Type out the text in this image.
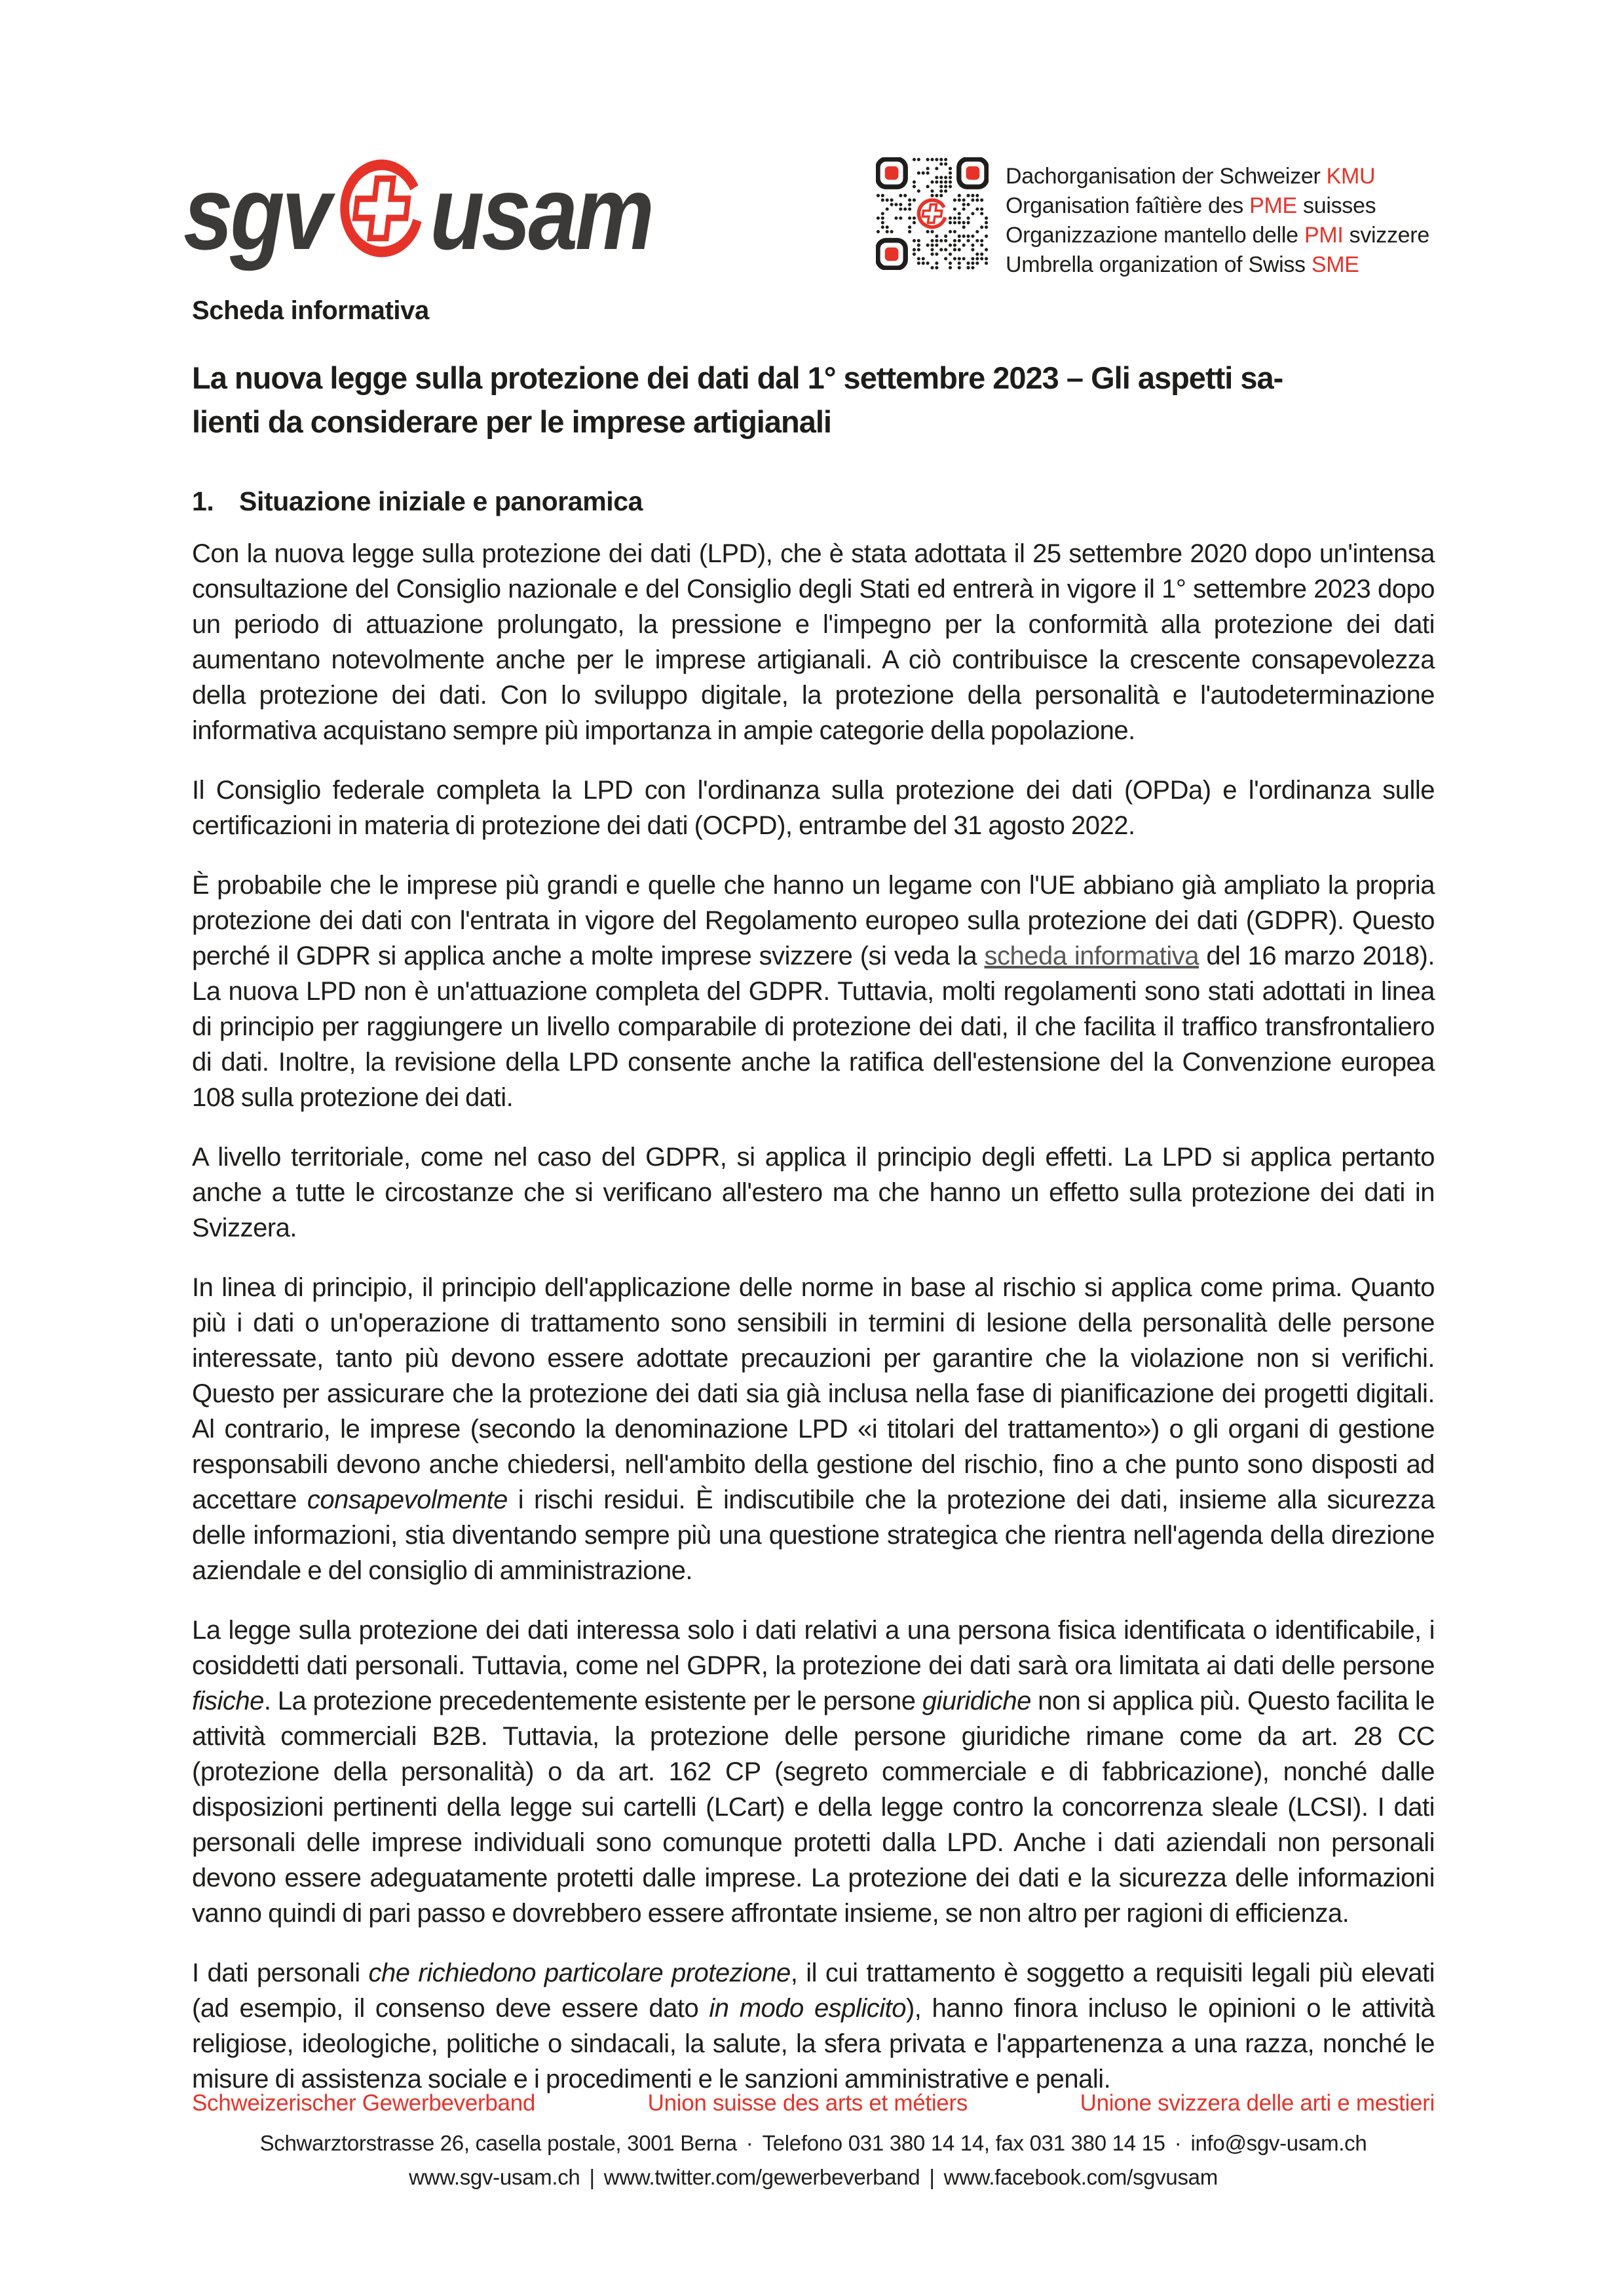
sgv usam	Dachorganisation der Schweizer KMU
Organisation faîtière des PME suisses
Organizzazione mantello delle PMI svizzere
Umbrella organization of Swiss SME
Scheda informativa
La nuova legge sulla protezione dei dati dal 1° settembre 2023 – Gli aspetti sa-
lienti da considerare per le imprese artigianali
1. Situazione iniziale e panoramica
Con la nuova legge sulla protezione dei dati (LPD), che è stata adottata il 25 settembre 2020 dopo un'intensa consultazione del Consiglio nazionale e del Consiglio degli Stati ed entrerà in vigore il 1° settembre 2023 dopo un periodo di attuazione prolungato, la pressione e l'impegno per la conformità alla protezione dei dati aumentano notevolmente anche per le imprese artigianali. A ciò contribuisce la crescente consapevolezza della protezione dei dati. Con lo sviluppo digitale, la protezione della personalità e l'autodeterminazione informativa acquistano sempre più importanza in ampie categorie della popolazione.
Il Consiglio federale completa la LPD con l'ordinanza sulla protezione dei dati (OPDa) e l'ordinanza sulle certificazioni in materia di protezione dei dati (OCPD), entrambe del 31 agosto 2022.
È probabile che le imprese più grandi e quelle che hanno un legame con l'UE abbiano già ampliato la propria protezione dei dati con l'entrata in vigore del Regolamento europeo sulla protezione dei dati (GDPR). Questo perché il GDPR si applica anche a molte imprese svizzere (si veda la scheda informativa del 16 marzo 2018). La nuova LPD non è un'attuazione completa del GDPR. Tuttavia, molti regolamenti sono stati adottati in linea di principio per raggiungere un livello comparabile di protezione dei dati, il che facilita il traffico transfrontaliero di dati. Inoltre, la revisione della LPD consente anche la ratifica dell'estensione del la Convenzione europea 108 sulla protezione dei dati.
A livello territoriale, come nel caso del GDPR, si applica il principio degli effetti. La LPD si applica pertanto anche a tutte le circostanze che si verificano all'estero ma che hanno un effetto sulla protezione dei dati in Svizzera.
In linea di principio, il principio dell'applicazione delle norme in base al rischio si applica come prima. Quanto più i dati o un'operazione di trattamento sono sensibili in termini di lesione della personalità delle persone interessate, tanto più devono essere adottate precauzioni per garantire che la violazione non si verifichi. Questo per assicurare che la protezione dei dati sia già inclusa nella fase di pianificazione dei progetti digitali. Al contrario, le imprese (secondo la denominazione LPD «i titolari del trattamento») o gli organi di gestione responsabili devono anche chiedersi, nell'ambito della gestione del rischio, fino a che punto sono disposti ad accettare consapevolmente i rischi residui. È indiscutibile che la protezione dei dati, insieme alla sicurezza delle informazioni, stia diventando sempre più una questione strategica che rientra nell'agenda della direzione aziendale e del consiglio di amministrazione.
La legge sulla protezione dei dati interessa solo i dati relativi a una persona fisica identificata o identificabile, i cosiddetti dati personali. Tuttavia, come nel GDPR, la protezione dei dati sarà ora limitata ai dati delle persone fisiche. La protezione precedentemente esistente per le persone giuridiche non si applica più. Questo facilita le attività commerciali B2B. Tuttavia, la protezione delle persone giuridiche rimane come da art. 28 CC (protezione della personalità) o da art. 162 CP (segreto commerciale e di fabbricazione), nonché dalle disposizioni pertinenti della legge sui cartelli (LCart) e della legge contro la concorrenza sleale (LCSI). I dati personali delle imprese individuali sono comunque protetti dalla LPD. Anche i dati aziendali non personali devono essere adeguatamente protetti dalle imprese. La protezione dei dati e la sicurezza delle informazioni vanno quindi di pari passo e dovrebbero essere affrontate insieme, se non altro per ragioni di efficienza.
I dati personali che richiedono particolare protezione, il cui trattamento è soggetto a requisiti legali più elevati (ad esempio, il consenso deve essere dato in modo esplicito), hanno finora incluso le opinioni o le attività religiose, ideologiche, politiche o sindacali, la salute, la sfera privata e l'appartenenza a una razza, nonché le misure di assistenza sociale e i procedimenti e le sanzioni amministrative e penali.
Schweizerischer Gewerbeverband	Union suisse des arts et métiers	Unione svizzera delle arti e mestieri
Schwarztorstrasse 26, casella postale, 3001 Berna · Telefono 031 380 14 14, fax 031 380 14 15 · info@sgv-usam.ch
www.sgv-usam.ch | www.twitter.com/gewerbeverband | www.facebook.com/sgvusam
